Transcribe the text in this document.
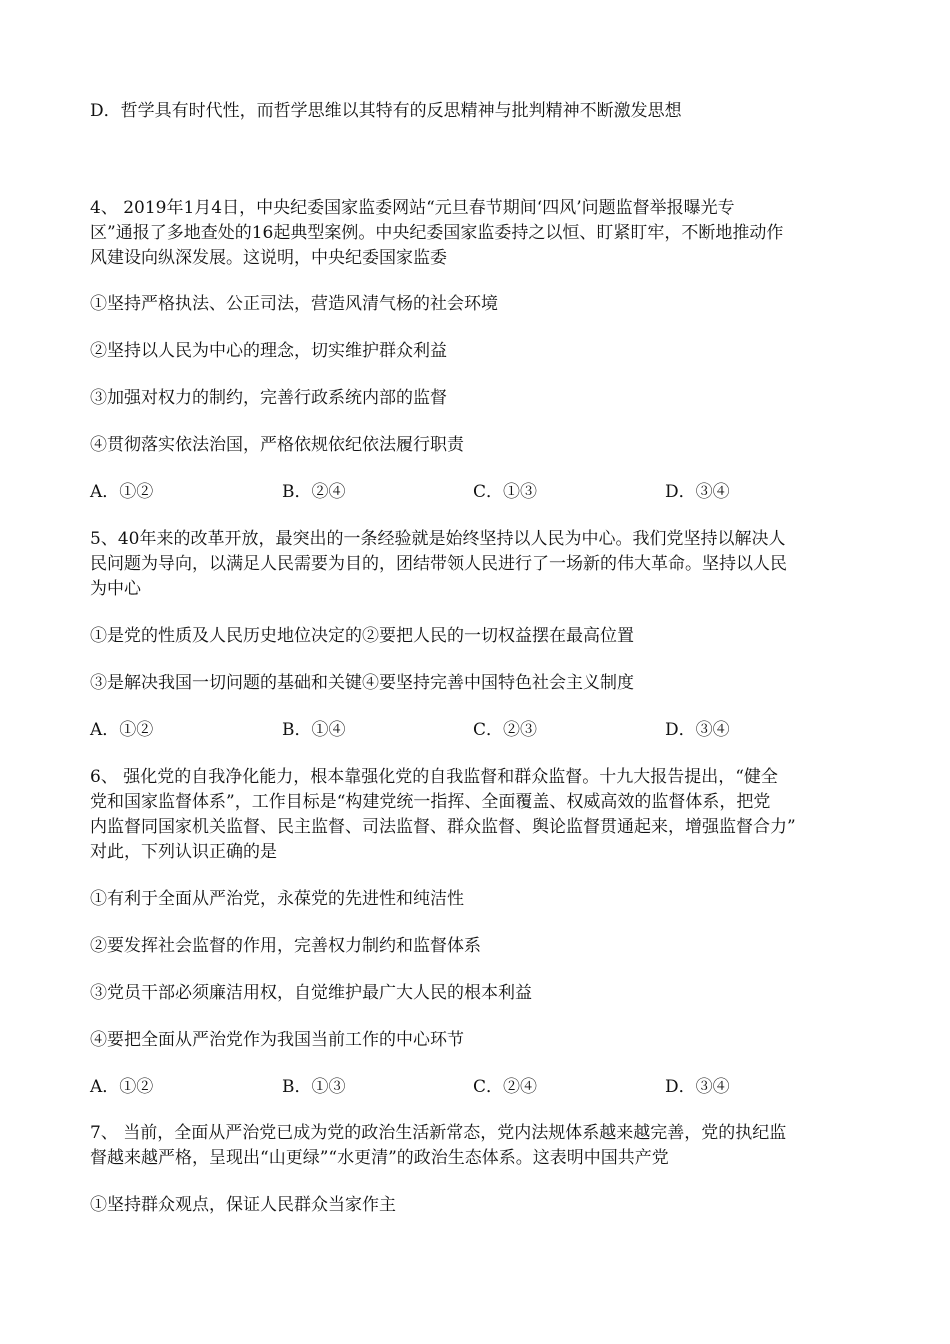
D．哲学具有时代性，而哲学思维以其特有的反思精神与批判精神不断激发思想
4、 2019年1月4日，中央纪委国家监委网站“元旦春节期间‘四风’问题监督举报曝光专
区”通报了多地查处的16起典型案例。中央纪委国家监委持之以恒、盯紧盯牢，不断地推动作
风建设向纵深发展。这说明，中央纪委国家监委
①坚持严格执法、公正司法，营造风清气杨的社会环境
②坚持以人民为中心的理念，切实维护群众利益
③加强对权力的制约，完善行政系统内部的监督
④贯彻落实依法治国，严格依规依纪依法履行职责
A．①②	B．②④	C．①③	D．③④
5、40年来的改革开放，最突出的一条经验就是始终坚持以人民为中心。我们党坚持以解决人
民问题为导向，以满足人民需要为目的，团结带领人民进行了一场新的伟大革命。坚持以人民
为中心
①是党的性质及人民历史地位决定的②要把人民的一切权益摆在最高位置
③是解决我国一切问题的基础和关键④要坚持完善中国特色社会主义制度
A．①②	B．①④	C．②③	D．③④
6、 强化党的自我净化能力，根本靠强化党的自我监督和群众监督。十九大报告提出，“健全
党和国家监督体系”，工作目标是“构建党统一指挥、全面覆盖、权威高效的监督体系，把党
内监督同国家机关监督、民主监督、司法监督、群众监督、舆论监督贯通起来，增强监督合力”
对此，下列认识正确的是
①有利于全面从严治党，永葆党的先进性和纯洁性
②要发挥社会监督的作用，完善权力制约和监督体系
③党员干部必须廉洁用权，自觉维护最广大人民的根本利益
④要把全面从严治党作为我国当前工作的中心环节
A．①②	B．①③	C．②④	D．③④
7、 当前，全面从严治党已成为党的政治生活新常态，党内法规体系越来越完善，党的执纪监
督越来越严格，呈现出“山更绿”“水更清”的政治生态体系。这表明中国共产党
①坚持群众观点，保证人民群众当家作主
